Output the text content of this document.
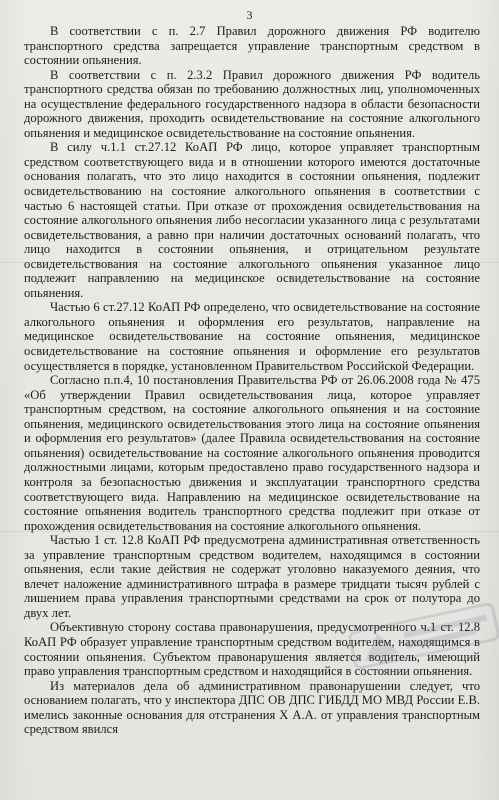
3

В соответствии с п. 2.7 Правил дорожного движения РФ водителю транспортного средства запрещается управление транспортным средством в состоянии опьянения.

В соответствии с п. 2.3.2 Правил дорожного движения РФ водитель транспортного средства обязан по требованию должностных лиц, уполномоченных на осуществление федерального государственного надзора в области безопасности дорожного движения, проходить освидетельствование на состояние алкогольного опьянения и медицинское освидетельствование на состояние опьянения.

В силу ч.1.1 ст.27.12 КоАП РФ лицо, которое управляет транспортным средством соответствующего вида и в отношении которого имеются достаточные основания полагать, что это лицо находится в состоянии опьянения, подлежит освидетельствованию на состояние алкогольного опьянения в соответствии с частью 6 настоящей статьи. При отказе от прохождения освидетельствования на состояние алкогольного опьянения либо несогласии указанного лица с результатами освидетельствования, а равно при наличии достаточных оснований полагать, что лицо находится в состоянии опьянения, и отрицательном результате освидетельствования на состояние алкогольного опьянения указанное лицо подлежит направлению на медицинское освидетельствование на состояние опьянения.

Частью 6 ст.27.12 КоАП РФ определено, что освидетельствование на состояние алкогольного опьянения и оформления его результатов, направление на медицинское освидетельствование на состояние опьянения, медицинское освидетельствование на состояние опьянения и оформление его результатов осуществляется в порядке, установленном Правительством Российской Федерации.

Согласно п.п.4, 10 постановления Правительства РФ от 26.06.2008 года № 475 «Об утверждении Правил освидетельствования лица, которое управляет транспортным средством, на состояние алкогольного опьянения и на состояние опьянения, медицинского освидетельствования этого лица на состояние опьянения и оформления его результатов» (далее Правила освидетельствования на состояние опьянения) освидетельствование на состояние алкогольного опьянения проводится должностными лицами, которым предоставлено право государственного надзора и контроля за безопасностью движения и эксплуатации транспортного средства соответствующего вида. Направлению на медицинское освидетельствование на состояние опьянения водитель транспортного средства подлежит при отказе от прохождения освидетельствования на состояние алкогольного опьянения.

Частью 1 ст. 12.8 КоАП РФ предусмотрена административная ответственность за управление транспортным средством водителем, находящимся в состоянии опьянения, если такие действия не содержат уголовно наказуемого деяния, что влечет наложение административного штрафа в размере тридцати тысяч рублей с лишением права управления транспортными средствами на срок от полутора до двух лет.

Объективную сторону состава правонарушения, предусмотренного ч.1 ст. 12.8 КоАП РФ образует управление транспортным средством водителем, находящимся в состоянии опьянения. Субъектом правонарушения является водитель, имеющий право управления транспортным средством и находящийся в состоянии опьянения.

Из материалов дела об административном правонарушении следует, что основанием полагать, что у инспектора ДПС ОВ ДПС ГИБДД МО МВД России Е.В. имелись законные основания для отстранения Х А.А. от управления транспортным средством явился
